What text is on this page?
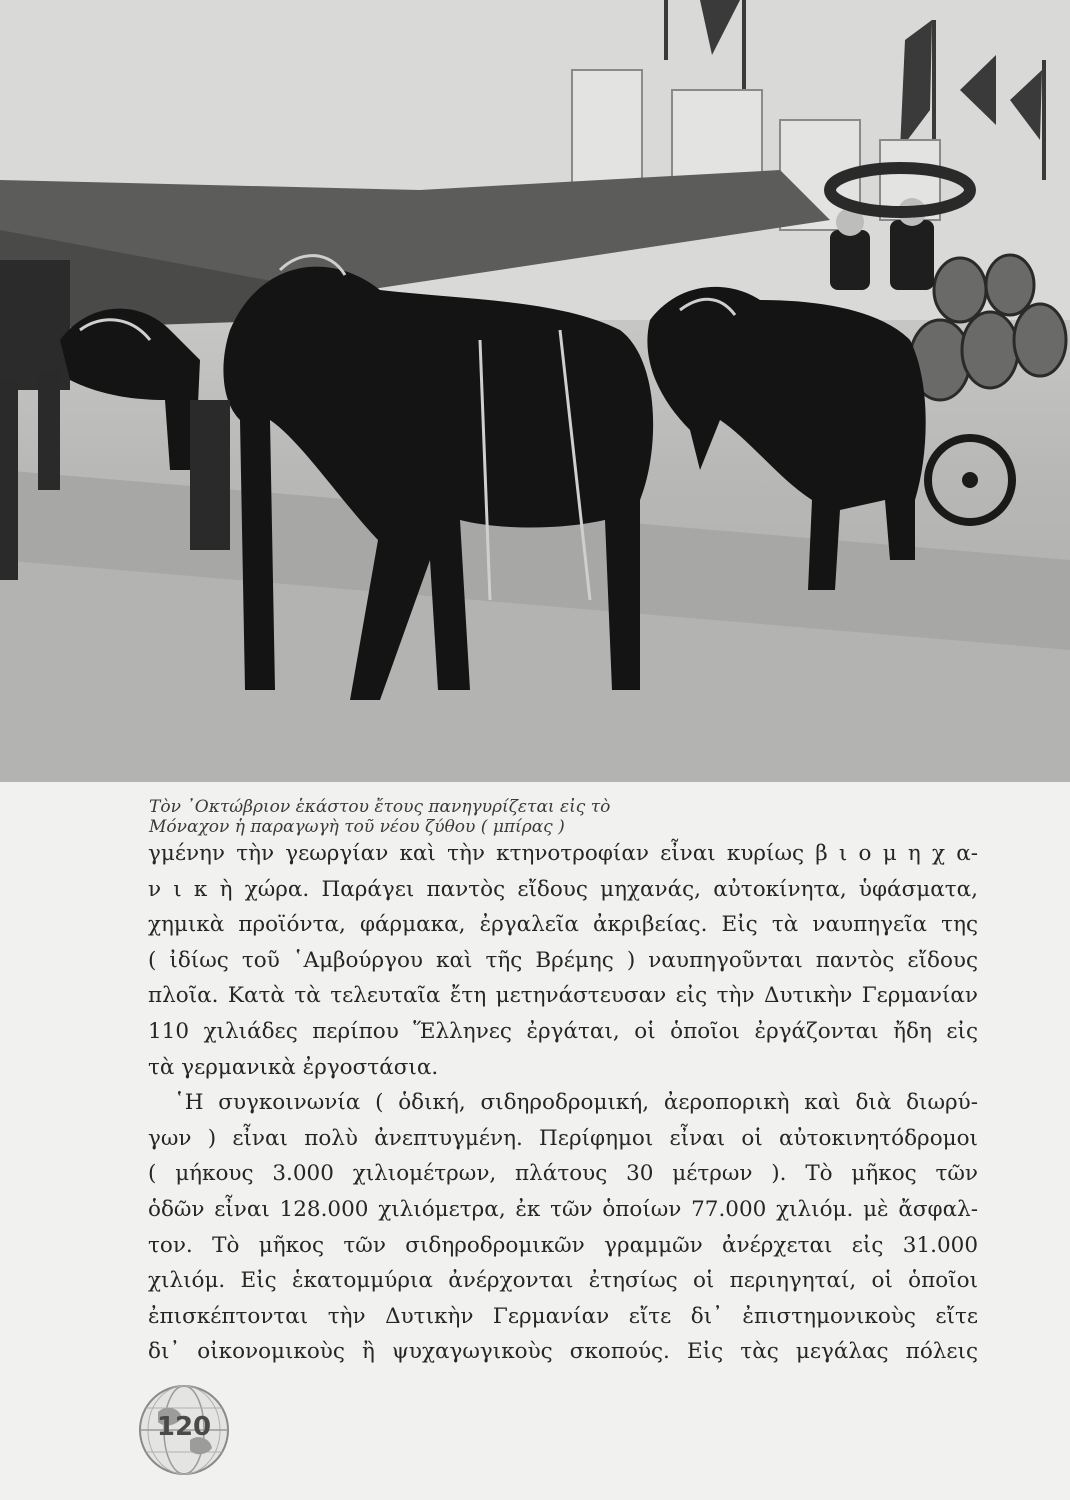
Τὸν ᾿Οκτώβριον ἑκάστου ἔτους πανηγυρίζεται εἰς τὸ
Μόναχον ἡ παραγωγὴ τοῦ νέου ζύθου ( μπίρας )
γμένην τὴν γεωργίαν καὶ τὴν κτηνοτροφίαν εἶναι κυρίως β ι ο μ η χ α-
ν ι κ ὴ χώρα. Παράγει παντὸς εἴδους μηχανάς, αὐτοκίνητα, ὑφάσματα,
χημικὰ προϊόντα, φάρμακα, ἐργαλεῖα ἀκριβείας. Εἰς τὰ ναυπηγεῖα της
( ἰδίως τοῦ ῾Αμβούργου καὶ τῆς Βρέμης ) ναυπηγοῦνται παντὸς εἴδους
πλοῖα. Κατὰ τὰ τελευταῖα ἔτη μετηνάστευσαν εἰς τὴν Δυτικὴν Γερμανίαν
110 χιλιάδες περίπου Ἕλληνες ἐργάται, οἱ ὁποῖοι ἐργάζονται ἤδη εἰς
τὰ γερμανικὰ ἐργοστάσια.
῾Η συγκοινωνία ( ὁδική, σιδηροδρομική, ἀεροπορικὴ καὶ διὰ διωρύ-
γων ) εἶναι πολὺ ἀνεπτυγμένη. Περίφημοι εἶναι οἱ αὐτοκινητόδρομοι
( μήκους 3.000 χιλιομέτρων, πλάτους 30 μέτρων ). Τὸ μῆκος τῶν
ὁδῶν εἶναι 128.000 χιλιόμετρα, ἐκ τῶν ὁποίων 77.000 χιλιόμ. μὲ ἄσφαλ-
τον. Τὸ μῆκος τῶν σιδηροδρομικῶν γραμμῶν ἀνέρχεται εἰς 31.000
χιλιόμ. Εἰς ἑκατομμύρια ἀνέρχονται ἐτησίως οἱ περιηγηταί, οἱ ὁποῖοι
ἐπισκέπτονται τὴν Δυτικὴν Γερμανίαν εἴτε δι᾿ ἐπιστημονικοὺς εἴτε
δι᾿ οἰκονομικοὺς ἢ ψυχαγωγικοὺς σκοπούς. Εἰς τὰς μεγάλας πόλεις
120
